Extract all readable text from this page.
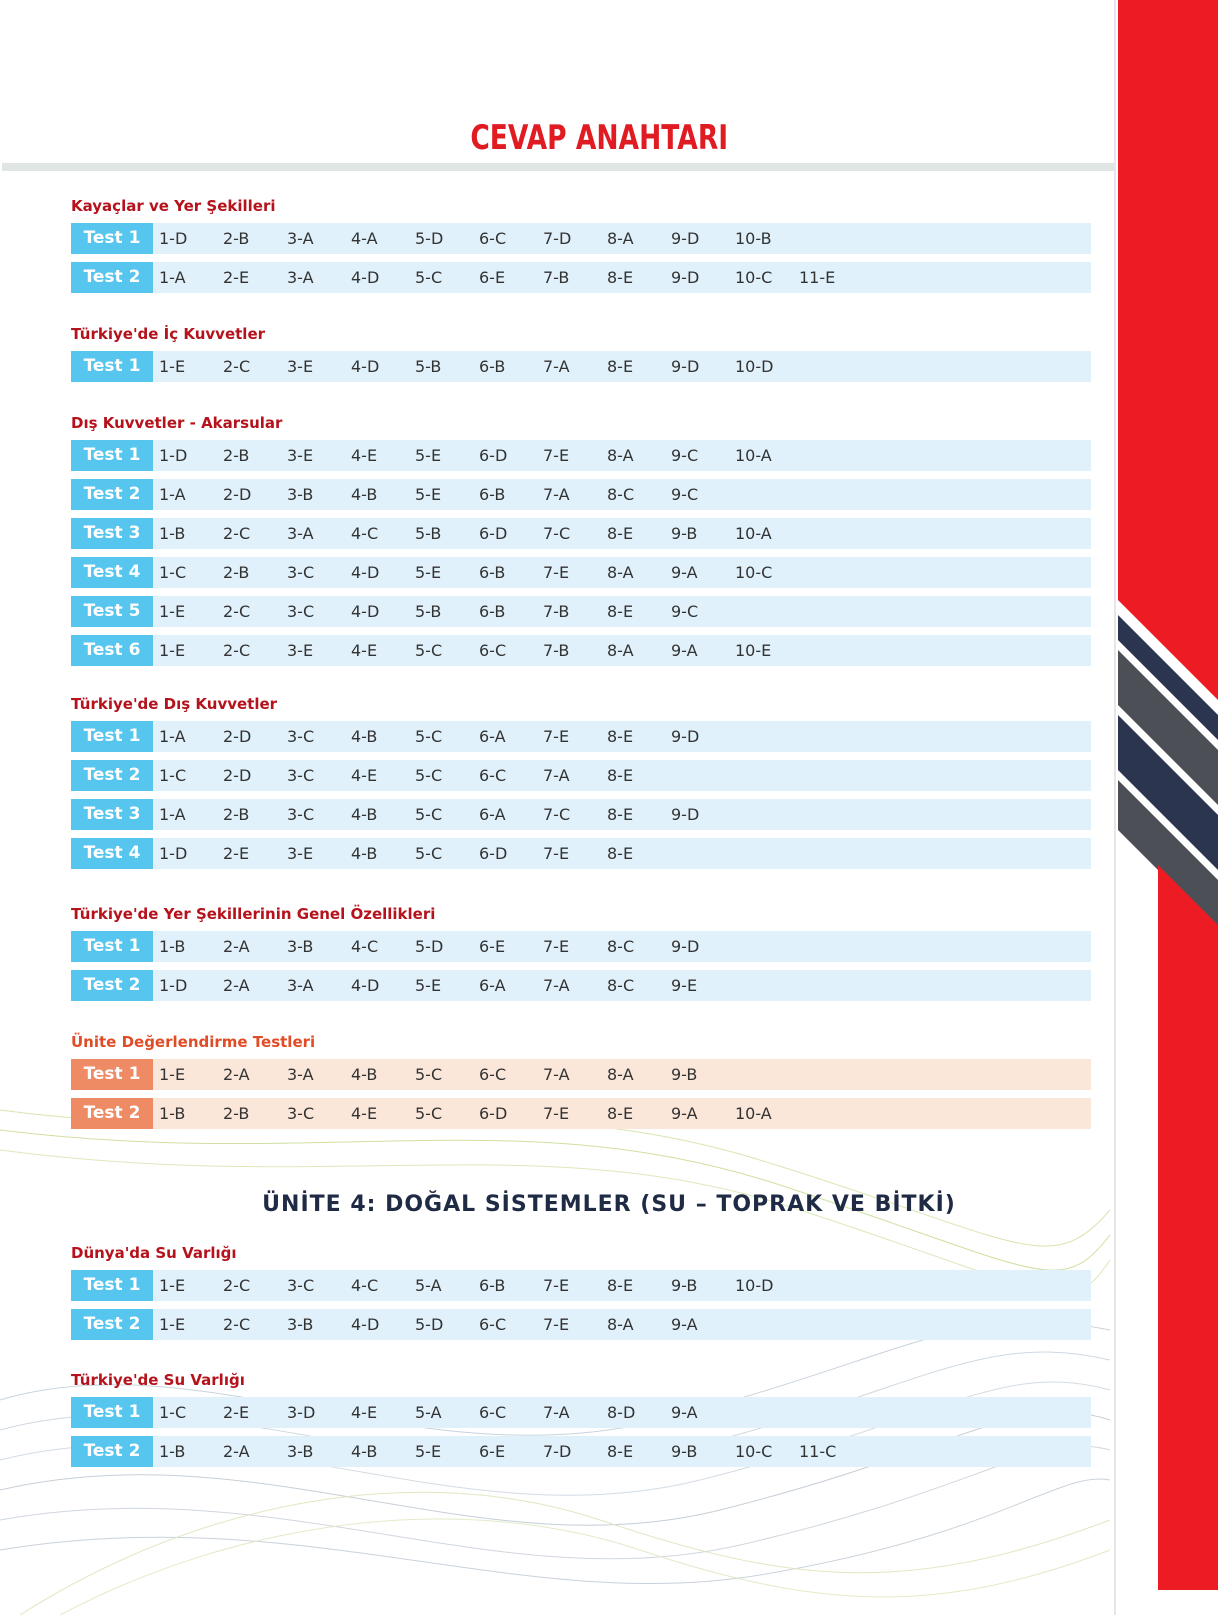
CEVAP ANAHTARI
Kayaçlar ve Yer Şekilleri
Test 1	1-D	2-B	3-A	4-A	5-D	6-C	7-D	8-A	9-D	10-B
Test 2	1-A	2-E	3-A	4-D	5-C	6-E	7-B	8-E	9-D	10-C	11-E
Türkiye'de İç Kuvvetler
Test 1	1-E	2-C	3-E	4-D	5-B	6-B	7-A	8-E	9-D	10-D
Dış Kuvvetler - Akarsular
Test 1	1-D	2-B	3-E	4-E	5-E	6-D	7-E	8-A	9-C	10-A
Test 2	1-A	2-D	3-B	4-B	5-E	6-B	7-A	8-C	9-C
Test 3	1-B	2-C	3-A	4-C	5-B	6-D	7-C	8-E	9-B	10-A
Test 4	1-C	2-B	3-C	4-D	5-E	6-B	7-E	8-A	9-A	10-C
Test 5	1-E	2-C	3-C	4-D	5-B	6-B	7-B	8-E	9-C
Test 6	1-E	2-C	3-E	4-E	5-C	6-C	7-B	8-A	9-A	10-E
Türkiye'de Dış Kuvvetler
Test 1	1-A	2-D	3-C	4-B	5-C	6-A	7-E	8-E	9-D
Test 2	1-C	2-D	3-C	4-E	5-C	6-C	7-A	8-E
Test 3	1-A	2-B	3-C	4-B	5-C	6-A	7-C	8-E	9-D
Test 4	1-D	2-E	3-E	4-B	5-C	6-D	7-E	8-E
Türkiye'de Yer Şekillerinin Genel Özellikleri
Test 1	1-B	2-A	3-B	4-C	5-D	6-E	7-E	8-C	9-D
Test 2	1-D	2-A	3-A	4-D	5-E	6-A	7-A	8-C	9-E
Ünite Değerlendirme Testleri
Test 1	1-E	2-A	3-A	4-B	5-C	6-C	7-A	8-A	9-B
Test 2	1-B	2-B	3-C	4-E	5-C	6-D	7-E	8-E	9-A	10-A
ÜNİTE 4: DOĞAL SİSTEMLER (SU – TOPRAK VE BİTKİ)
Dünya'da Su Varlığı
Test 1	1-E	2-C	3-C	4-C	5-A	6-B	7-E	8-E	9-B	10-D
Test 2	1-E	2-C	3-B	4-D	5-D	6-C	7-E	8-A	9-A
Türkiye'de Su Varlığı
Test 1	1-C	2-E	3-D	4-E	5-A	6-C	7-A	8-D	9-A
Test 2	1-B	2-A	3-B	4-B	5-E	6-E	7-D	8-E	9-B	10-C	11-C
